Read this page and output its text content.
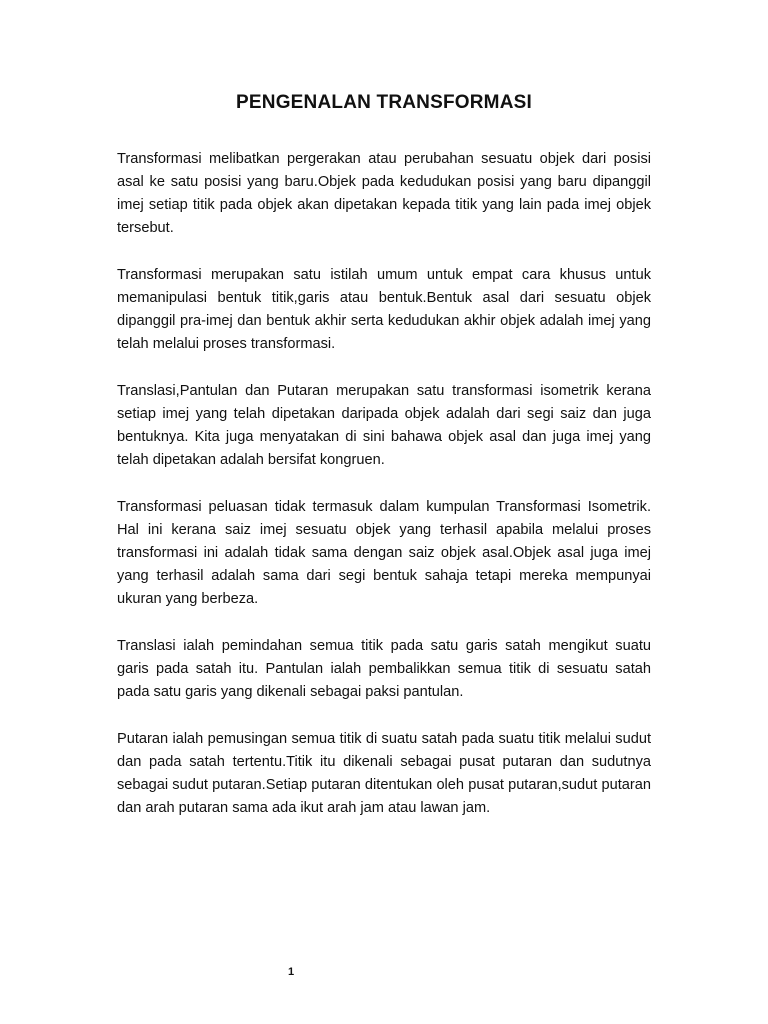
PENGENALAN TRANSFORMASI

Transformasi melibatkan pergerakan atau perubahan sesuatu objek dari posisi asal ke satu posisi yang baru.Objek pada kedudukan posisi yang baru dipanggil imej setiap titik pada objek akan dipetakan kepada titik yang lain pada imej objek tersebut.

Transformasi merupakan satu istilah umum untuk empat cara khusus untuk memanipulasi bentuk titik,garis atau bentuk.Bentuk asal dari sesuatu objek dipanggil pra-imej dan bentuk akhir serta kedudukan akhir objek adalah imej yang telah melalui proses transformasi.

Translasi,Pantulan dan Putaran merupakan satu transformasi isometrik kerana setiap imej yang telah dipetakan daripada objek adalah dari segi saiz dan juga bentuknya. Kita juga menyatakan di sini bahawa objek asal dan juga imej yang telah dipetakan adalah bersifat kongruen.

Transformasi peluasan tidak termasuk dalam kumpulan Transformasi Isometrik. Hal ini kerana saiz imej sesuatu objek yang terhasil apabila melalui proses transformasi ini adalah tidak sama dengan saiz objek asal.Objek asal juga imej yang terhasil adalah sama dari segi bentuk sahaja tetapi mereka mempunyai ukuran yang berbeza.

Translasi ialah pemindahan semua titik pada satu garis satah mengikut suatu garis pada satah itu. Pantulan ialah pembalikkan semua titik di sesuatu satah pada satu garis yang dikenali sebagai paksi pantulan.

Putaran ialah pemusingan semua titik di suatu satah pada suatu titik melalui sudut dan pada satah tertentu.Titik itu dikenali sebagai pusat putaran dan sudutnya sebagai sudut putaran.Setiap putaran ditentukan oleh pusat putaran,sudut putaran dan arah putaran sama ada ikut arah jam atau lawan jam.

1
